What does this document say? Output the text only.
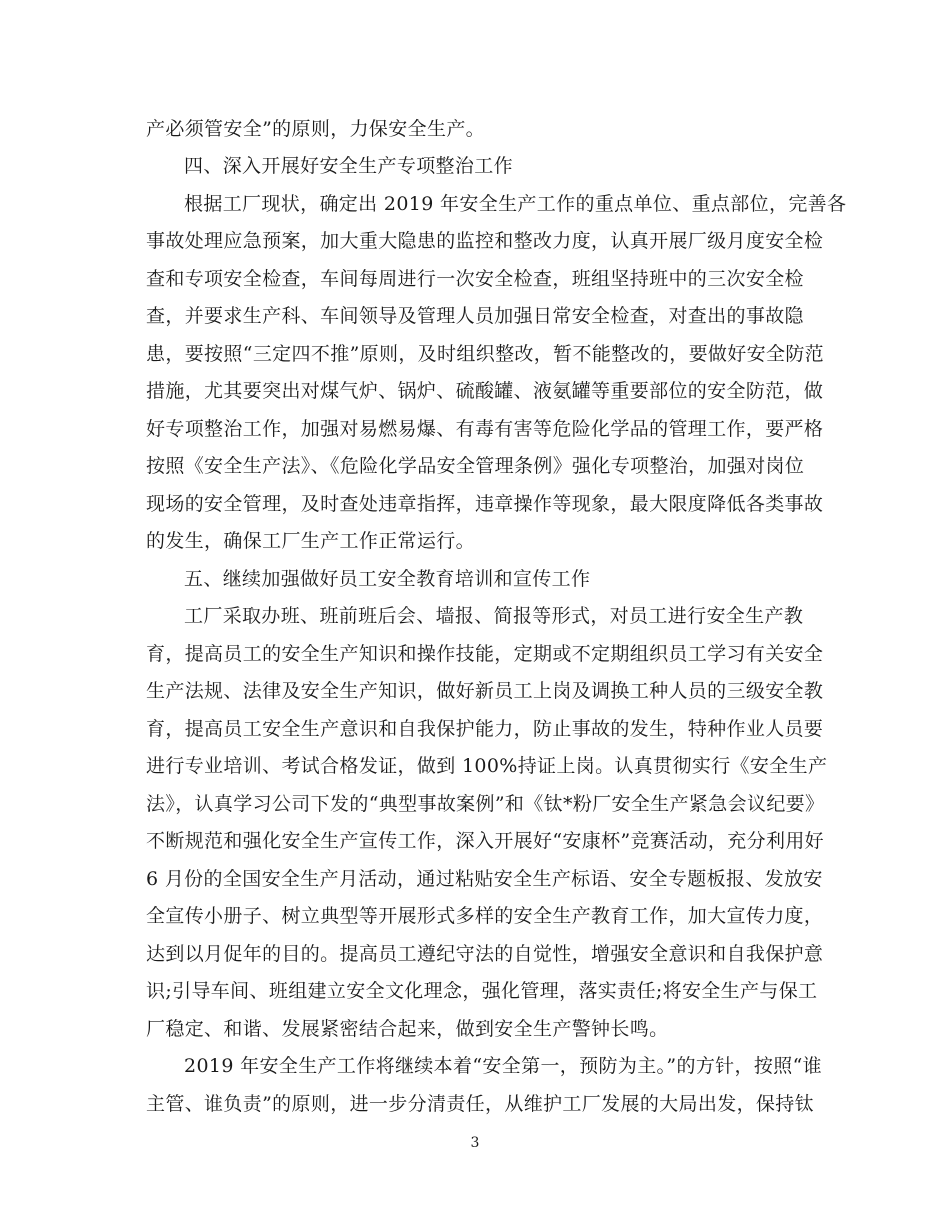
产必须管安全”的原则，力保安全生产。
四、深入开展好安全生产专项整治工作
根据工厂现状，确定出 2019 年安全生产工作的重点单位、重点部位，完善各
事故处理应急预案，加大重大隐患的监控和整改力度，认真开展厂级月度安全检
查和专项安全检查，车间每周进行一次安全检查，班组坚持班中的三次安全检
查，并要求生产科、车间领导及管理人员加强日常安全检查，对查出的事故隐
患，要按照“三定四不推”原则，及时组织整改，暂不能整改的，要做好安全防范
措施，尤其要突出对煤气炉、锅炉、硫酸罐、液氨罐等重要部位的安全防范，做
好专项整治工作，加强对易燃易爆、有毒有害等危险化学品的管理工作，要严格
按照《安全生产法》、《危险化学品安全管理条例》强化专项整治，加强对岗位
现场的安全管理，及时查处违章指挥，违章操作等现象，最大限度降低各类事故
的发生，确保工厂生产工作正常运行。
五、继续加强做好员工安全教育培训和宣传工作
工厂采取办班、班前班后会、墙报、简报等形式，对员工进行安全生产教
育，提高员工的安全生产知识和操作技能，定期或不定期组织员工学习有关安全
生产法规、法律及安全生产知识，做好新员工上岗及调换工种人员的三级安全教
育，提高员工安全生产意识和自我保护能力，防止事故的发生，特种作业人员要
进行专业培训、考试合格发证，做到 100%持证上岗。认真贯彻实行《安全生产
法》，认真学习公司下发的“典型事故案例”和《钛*粉厂安全生产紧急会议纪要》
不断规范和强化安全生产宣传工作，深入开展好“安康杯”竞赛活动，充分利用好
6 月份的全国安全生产月活动，通过粘贴安全生产标语、安全专题板报、发放安
全宣传小册子、树立典型等开展形式多样的安全生产教育工作，加大宣传力度，
达到以月促年的目的。提高员工遵纪守法的自觉性，增强安全意识和自我保护意
识;引导车间、班组建立安全文化理念，强化管理，落实责任;将安全生产与保工
厂稳定、和谐、发展紧密结合起来，做到安全生产警钟长鸣。
2019 年安全生产工作将继续本着“安全第一，预防为主。”的方针，按照“谁
主管、谁负责”的原则，进一步分清责任，从维护工厂发展的大局出发，保持钛
3
